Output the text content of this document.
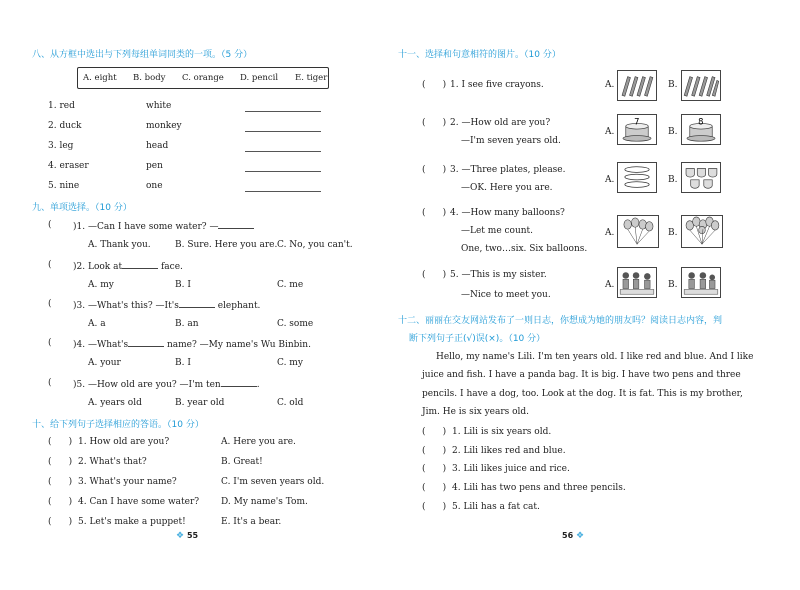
八、从方框中选出与下列每组单词同类的一项。（5 分）
A. eight B. body C. orange D. pencil E. tiger
1. red	white
2. duck	monkey
3. leg	head
4. eraser	pen
5. nine	one
九、单项选择。（10 分）
( )1. —Can I have some water? —
A. Thank you.	B. Sure. Here you are. C. No, you can't.
( )2. Look at	face.
A. my	B. I	C. me
( )3. —What's this? —It's	elephant.
A. a	B. an	C. some
( )4. —What's	name? —My name's Wu Binbin.
A. your	B. I	C. my
( )5. —How old are you? —I'm ten	.
A. years old	B. year old	C. old
十、给下列句子选择相应的答语。（10 分）
(      ) 1. How old are you?	A. Here you are.
(      ) 2. What's that?	B. Great!
(      ) 3. What's your name?	C. I'm seven years old.
(      ) 4. Can I have some water? D. My name's Tom.
(      ) 5. Let's make a puppet!	E. It's a bear.
❖ 55
十一、选择和句意相符的图片。（10 分）
(      ) 1. I see five crayons.	A.	B.
(      ) 2. —How old are you?
—I'm seven years old.
A.
7
B.
8
(      ) 3. —Three plates, please.
—OK. Here you are.
A.	B.
(      ) 4. —How many balloons?
—Let me count.
One, two…six. Six balloons.
A.	B.
(      ) 5. —This is my sister.
—Nice to meet you.
A.	B.
十二、丽丽在交友网站发布了一则日志，你想成为她的朋友吗？阅读日志内容，判
断下列句子正(√)误(×)。（10 分）
Hello, my name's Lili. I'm ten years old. I like red and blue. And I like
juice and fish. I have a panda bag. It is big. I have two pens and three
pencils. I have a dog, too. Look at the dog. It is fat. This is my brother,
Jim. He is six years old.
(      ) 1. Lili is six years old.
(      ) 2. Lili likes red and blue.
(      ) 3. Lili likes juice and rice.
(      ) 4. Lili has two pens and three pencils.
(      ) 5. Lili has a fat cat.
56 ❖
